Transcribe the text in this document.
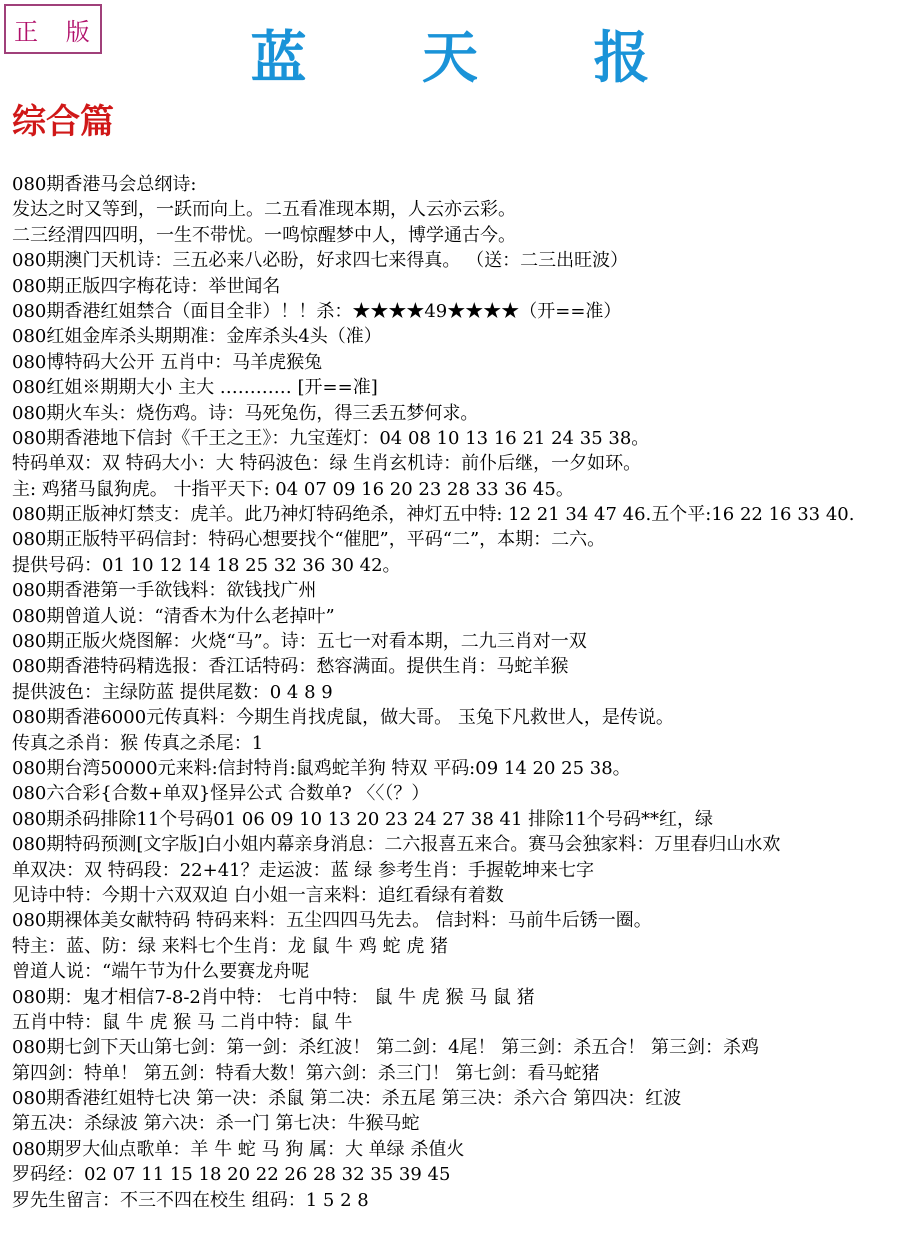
正 版	蓝 天 报
综合篇
080期香港马会总纲诗:
发达之时又等到，一跃而向上。二五看准现本期，人云亦云彩。
二三经渭四四明，一生不带忧。一鸣惊醒梦中人，博学通古今。
080期澳门天机诗：三五必来八必盼，好求四七来得真。 （送：二三出旺波）
080期正版四字梅花诗：举世闻名
080期香港红姐禁合（面目全非）！！杀：★★★★49★★★★（开==准）
080红姐金库杀头期期准：金库杀头4头（准）
080博特码大公开 五肖中：马羊虎猴兔
080红姐※期期大小 主大 ………… [开==准]
080期火车头：烧伤鸡。诗：马死兔伤，得三丢五梦何求。
080期香港地下信封《千王之王》：九宝莲灯：04 08 10 13 16 21 24 35 38。
特码单双：双 特码大小：大 特码波色：绿 生肖玄机诗：前仆后继，一夕如环。
主: 鸡猪马鼠狗虎。 十指平天下: 04 07 09 16 20 23 28 33 36 45。
080期正版神灯禁支：虎羊。此乃神灯特码绝杀，神灯五中特: 12 21 34 47 46.五个平:16 22 16 33 40.
080期正版特平码信封：特码心想要找个“催肥”，平码“二”，本期：二六。
提供号码：01 10 12 14 18 25 32 36 30 42。
080期香港第一手欲钱料：欲钱找广州
080期曾道人说：“清香木为什么老掉叶”
080期正版火烧图解：火烧“马”。诗：五七一对看本期，二九三肖对一双
080期香港特码精选报：香江话特码：愁容满面。提供生肖：马蛇羊猴
提供波色：主绿防蓝 提供尾数：0 4 8 9
080期香港6000元传真料：今期生肖找虎鼠，做大哥。 玉兔下凡救世人，是传说。
传真之杀肖：猴 传真之杀尾：1
080期台湾50000元来料:信封特肖:鼠鸡蛇羊狗 特双 平码:09 14 20 25 38。
080六合彩{合数+单双}怪异公式 合数单? 〈〈（？）
080期杀码排除11个号码01 06 09 10 13 20 23 24 27 38 41 排除11个号码**红，绿
080期特码预测[文字版]白小姐内幕亲身消息：二六报喜五来合。赛马会独家料：万里春归山水欢
单双决：双 特码段：22+41？走运波：蓝 绿 参考生肖：手握乾坤来七字
见诗中特：今期十六双双迫 白小姐一言来料：追红看绿有着数
080期裸体美女献特码 特码来料：五尘四四马先去。 信封料：马前牛后锈一圈。
特主：蓝、防：绿 来料七个生肖：龙 鼠 牛 鸡 蛇 虎 猪
曾道人说：“端午节为什么要赛龙舟呢
080期：鬼才相信7-8-2肖中特： 七肖中特： 鼠 牛 虎 猴 马 鼠 猪
五肖中特：鼠 牛 虎 猴 马 二肖中特：鼠 牛
080期七剑下天山第七剑：第一剑：杀红波！ 第二剑：4尾！ 第三剑：杀五合！ 第三剑：杀鸡
第四剑：特单！ 第五剑：特看大数！第六剑：杀三门！ 第七剑：看马蛇猪
080期香港红姐特七决 第一决：杀鼠 第二决：杀五尾 第三决：杀六合 第四决：红波
第五决：杀绿波 第六决：杀一门 第七决：牛猴马蛇
080期罗大仙点歌单：羊 牛 蛇 马 狗 属：大 单绿 杀值火
罗码经：02 07 11 15 18 20 22 26 28 32 35 39 45
罗先生留言：不三不四在校生 组码：1 5 2 8
